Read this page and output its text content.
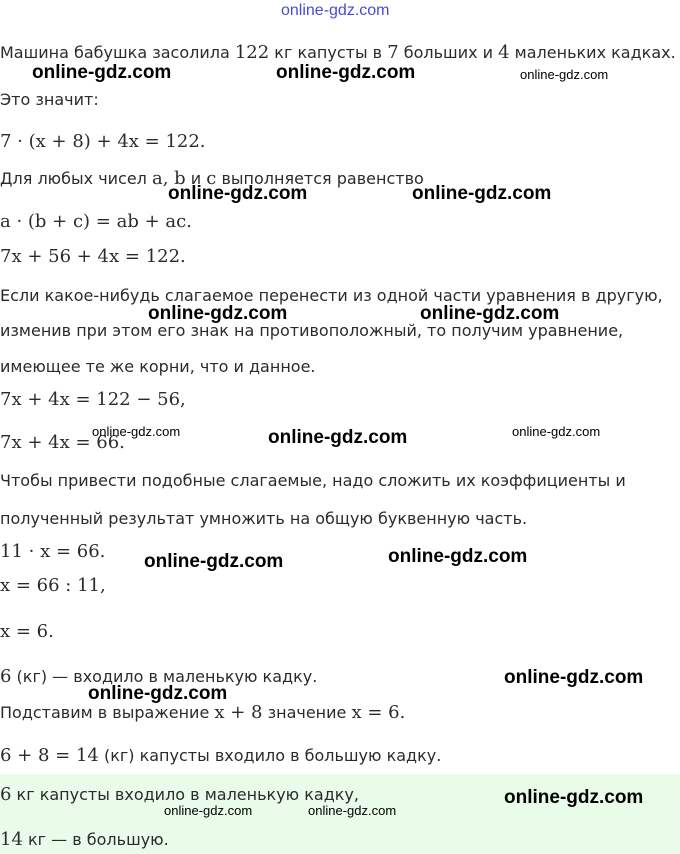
online-gdz.com
Машина бабушка засолила 122 кг капусты в 7 больших и 4 маленьких кадках.
Это значит:
7 · (x + 8) + 4x = 122.
Для любых чисел a, b и c выполняется равенство
a · (b + c) = ab + ac.
7x + 56 + 4x = 122.
Если какое-нибудь слагаемое перенести из одной части уравнения в другую,
изменив при этом его знак на противоположный, то получим уравнение,
имеющее те же корни, что и данное.
7x + 4x = 122 − 56,
7x + 4x = 66.
Чтобы привести подобные слагаемые, надо сложить их коэффициенты и
полученный результат умножить на общую буквенную часть.
11 · x = 66.
x = 66 : 11,
x = 6.
6 (кг) — входило в маленькую кадку.
Подставим в выражение x + 8 значение x = 6.
6 + 8 = 14 (кг) капусты входило в большую кадку.
6 кг капусты входило в маленькую кадку,
14 кг — в большую.
online-gdz.com	online-gdz.com	online-gdz.com
online-gdz.com	online-gdz.com
online-gdz.com	online-gdz.com
online-gdz.com	online-gdz.com	online-gdz.com
online-gdz.com	online-gdz.com
online-gdz.com
online-gdz.com
online-gdz.com
online-gdz.com	online-gdz.com
